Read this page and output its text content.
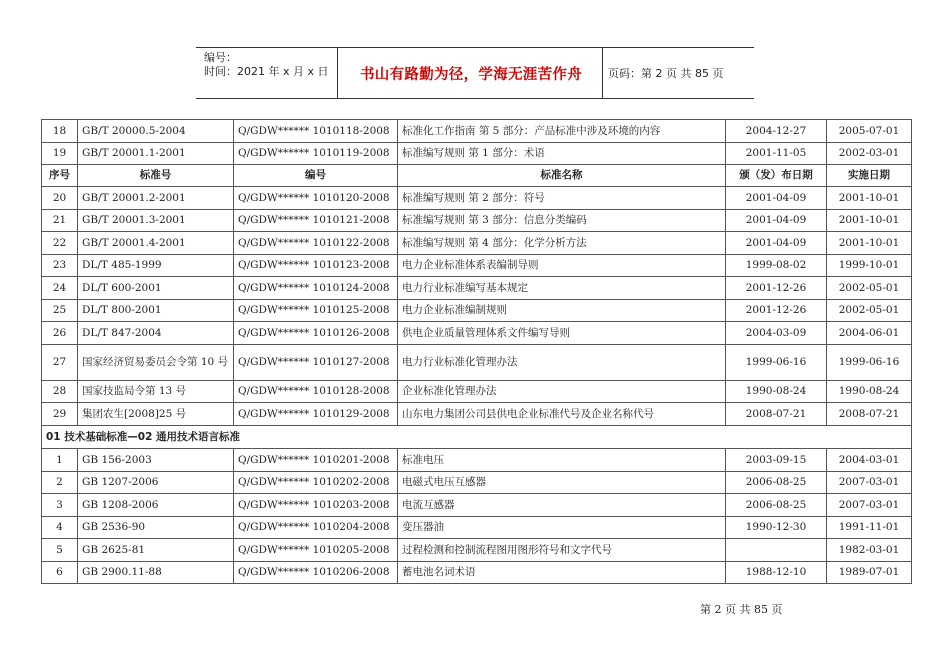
编号：
时间：2021 年 x 月 x 日	书山有路勤为径，学海无涯苦作舟	页码：第 2 页 共 85 页
18	GB/T 20000.5-2004	Q/GDW****** 1010118-2008	标准化工作指南 第 5 部分：产品标准中涉及环境的内容	2004-12-27	2005-07-01
19	GB/T 20001.1-2001	Q/GDW****** 1010119-2008	标准编写规则 第 1 部分：术语	2001-11-05	2002-03-01
序号	标准号	编号	标准名称	颁（发）布日期	实施日期
20	GB/T 20001.2-2001	Q/GDW****** 1010120-2008	标准编写规则 第 2 部分：符号	2001-04-09	2001-10-01
21	GB/T 20001.3-2001	Q/GDW****** 1010121-2008	标准编写规则 第 3 部分：信息分类编码	2001-04-09	2001-10-01
22	GB/T 20001.4-2001	Q/GDW****** 1010122-2008	标准编写规则 第 4 部分：化学分析方法	2001-04-09	2001-10-01
23	DL/T 485-1999	Q/GDW****** 1010123-2008	电力企业标准体系表编制导则	1999-08-02	1999-10-01
24	DL/T 600-2001	Q/GDW****** 1010124-2008	电力行业标准编写基本规定	2001-12-26	2002-05-01
25	DL/T 800-2001	Q/GDW****** 1010125-2008	电力企业标准编制规则	2001-12-26	2002-05-01
26	DL/T 847-2004	Q/GDW****** 1010126-2008	供电企业质量管理体系文件编写导则	2004-03-09	2004-06-01
27	国家经济贸易委员会令第 10 号	Q/GDW****** 1010127-2008	电力行业标准化管理办法	1999-06-16	1999-06-16
28	国家技监局令第 13 号	Q/GDW****** 1010128-2008	企业标准化管理办法	1990-08-24	1990-08-24
29	集团农生[2008]25 号	Q/GDW****** 1010129-2008	山东电力集团公司县供电企业标准代号及企业名称代号	2008-07-21	2008-07-21
01 技术基础标准—02 通用技术语言标准					
1	GB 156-2003	Q/GDW****** 1010201-2008	标准电压	2003-09-15	2004-03-01
2	GB 1207-2006	Q/GDW****** 1010202-2008	电磁式电压互感器	2006-08-25	2007-03-01
3	GB 1208-2006	Q/GDW****** 1010203-2008	电流互感器	2006-08-25	2007-03-01
4	GB 2536-90	Q/GDW****** 1010204-2008	变压器油	1990-12-30	1991-11-01
5	GB 2625-81	Q/GDW****** 1010205-2008	过程检测和控制流程图用图形符号和文字代号		1982-03-01
6	GB 2900.11-88	Q/GDW****** 1010206-2008	蓄电池名词术语	1988-12-10	1989-07-01
第 2 页 共 85 页
